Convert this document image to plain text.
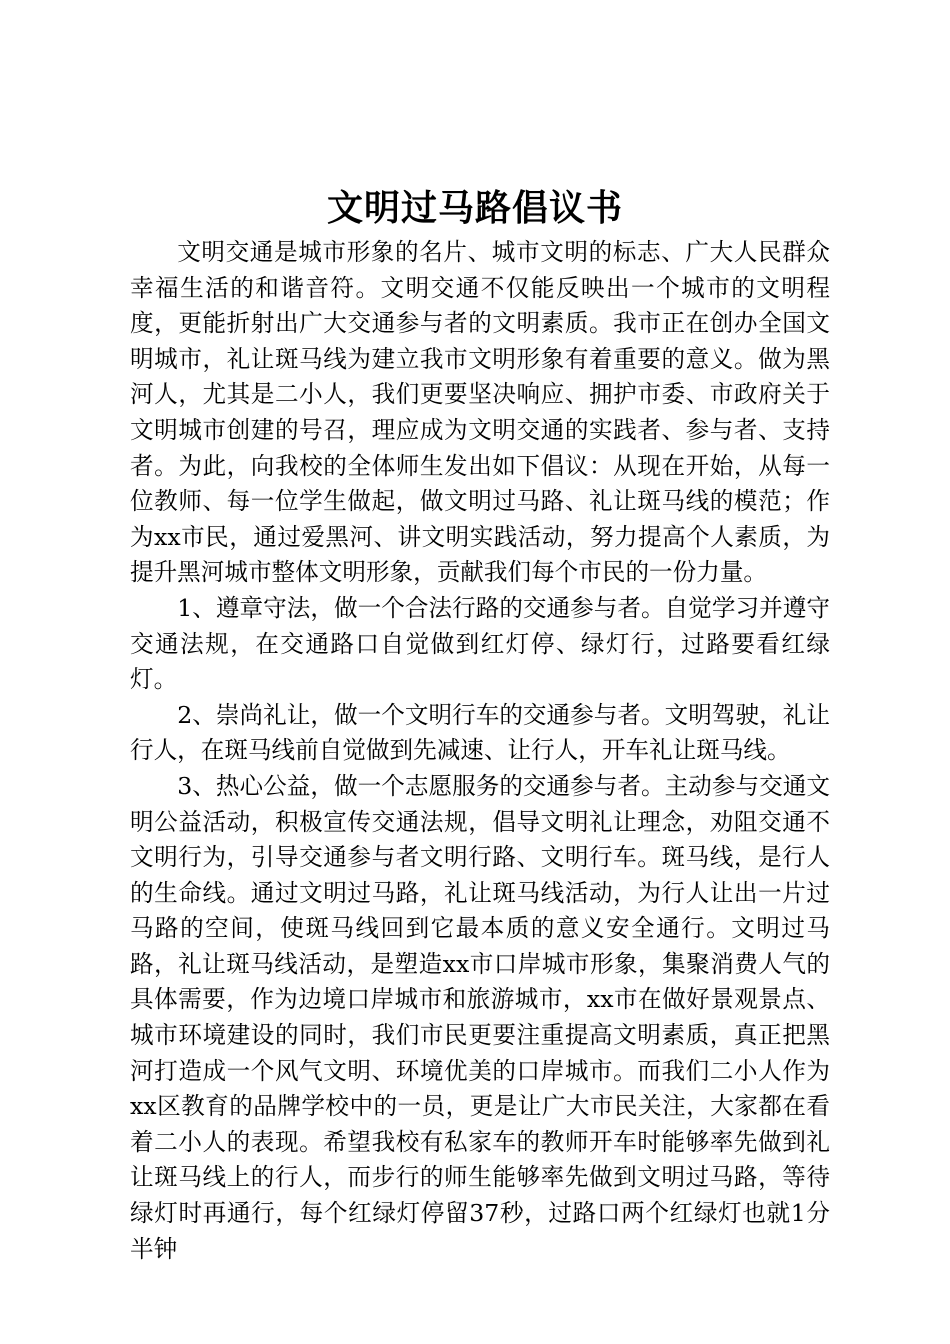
文明过马路倡议书

文明交通是城市形象的名片、城市文明的标志、广大人民群众幸福生活的和谐音符。文明交通不仅能反映出一个城市的文明程度，更能折射出广大交通参与者的文明素质。我市正在创办全国文明城市，礼让斑马线为建立我市文明形象有着重要的意义。做为黑河人，尤其是二小人，我们更要坚决响应、拥护市委、市政府关于文明城市创建的号召，理应成为文明交通的实践者、参与者、支持者。为此，向我校的全体师生发出如下倡议：从现在开始，从每一位教师、每一位学生做起，做文明过马路、礼让斑马线的模范；作为xx市民，通过爱黑河、讲文明实践活动，努力提高个人素质，为提升黑河城市整体文明形象，贡献我们每个市民的一份力量。

1、遵章守法，做一个合法行路的交通参与者。自觉学习并遵守交通法规，在交通路口自觉做到红灯停、绿灯行，过路要看红绿灯。

2、崇尚礼让，做一个文明行车的交通参与者。文明驾驶，礼让行人，在斑马线前自觉做到先减速、让行人，开车礼让斑马线。

3、热心公益，做一个志愿服务的交通参与者。主动参与交通文明公益活动，积极宣传交通法规，倡导文明礼让理念，劝阻交通不文明行为，引导交通参与者文明行路、文明行车。斑马线，是行人的生命线。通过文明过马路，礼让斑马线活动，为行人让出一片过马路的空间，使斑马线回到它最本质的意义安全通行。文明过马路，礼让斑马线活动，是塑造xx市口岸城市形象，集聚消费人气的具体需要，作为边境口岸城市和旅游城市，xx市在做好景观景点、城市环境建设的同时，我们市民更要注重提高文明素质，真正把黑河打造成一个风气文明、环境优美的口岸城市。而我们二小人作为xx区教育的品牌学校中的一员，更是让广大市民关注，大家都在看着二小人的表现。希望我校有私家车的教师开车时能够率先做到礼让斑马线上的行人，而步行的师生能够率先做到文明过马路，等待绿灯时再通行，每个红绿灯停留37秒，过路口两个红绿灯也就1分半钟
